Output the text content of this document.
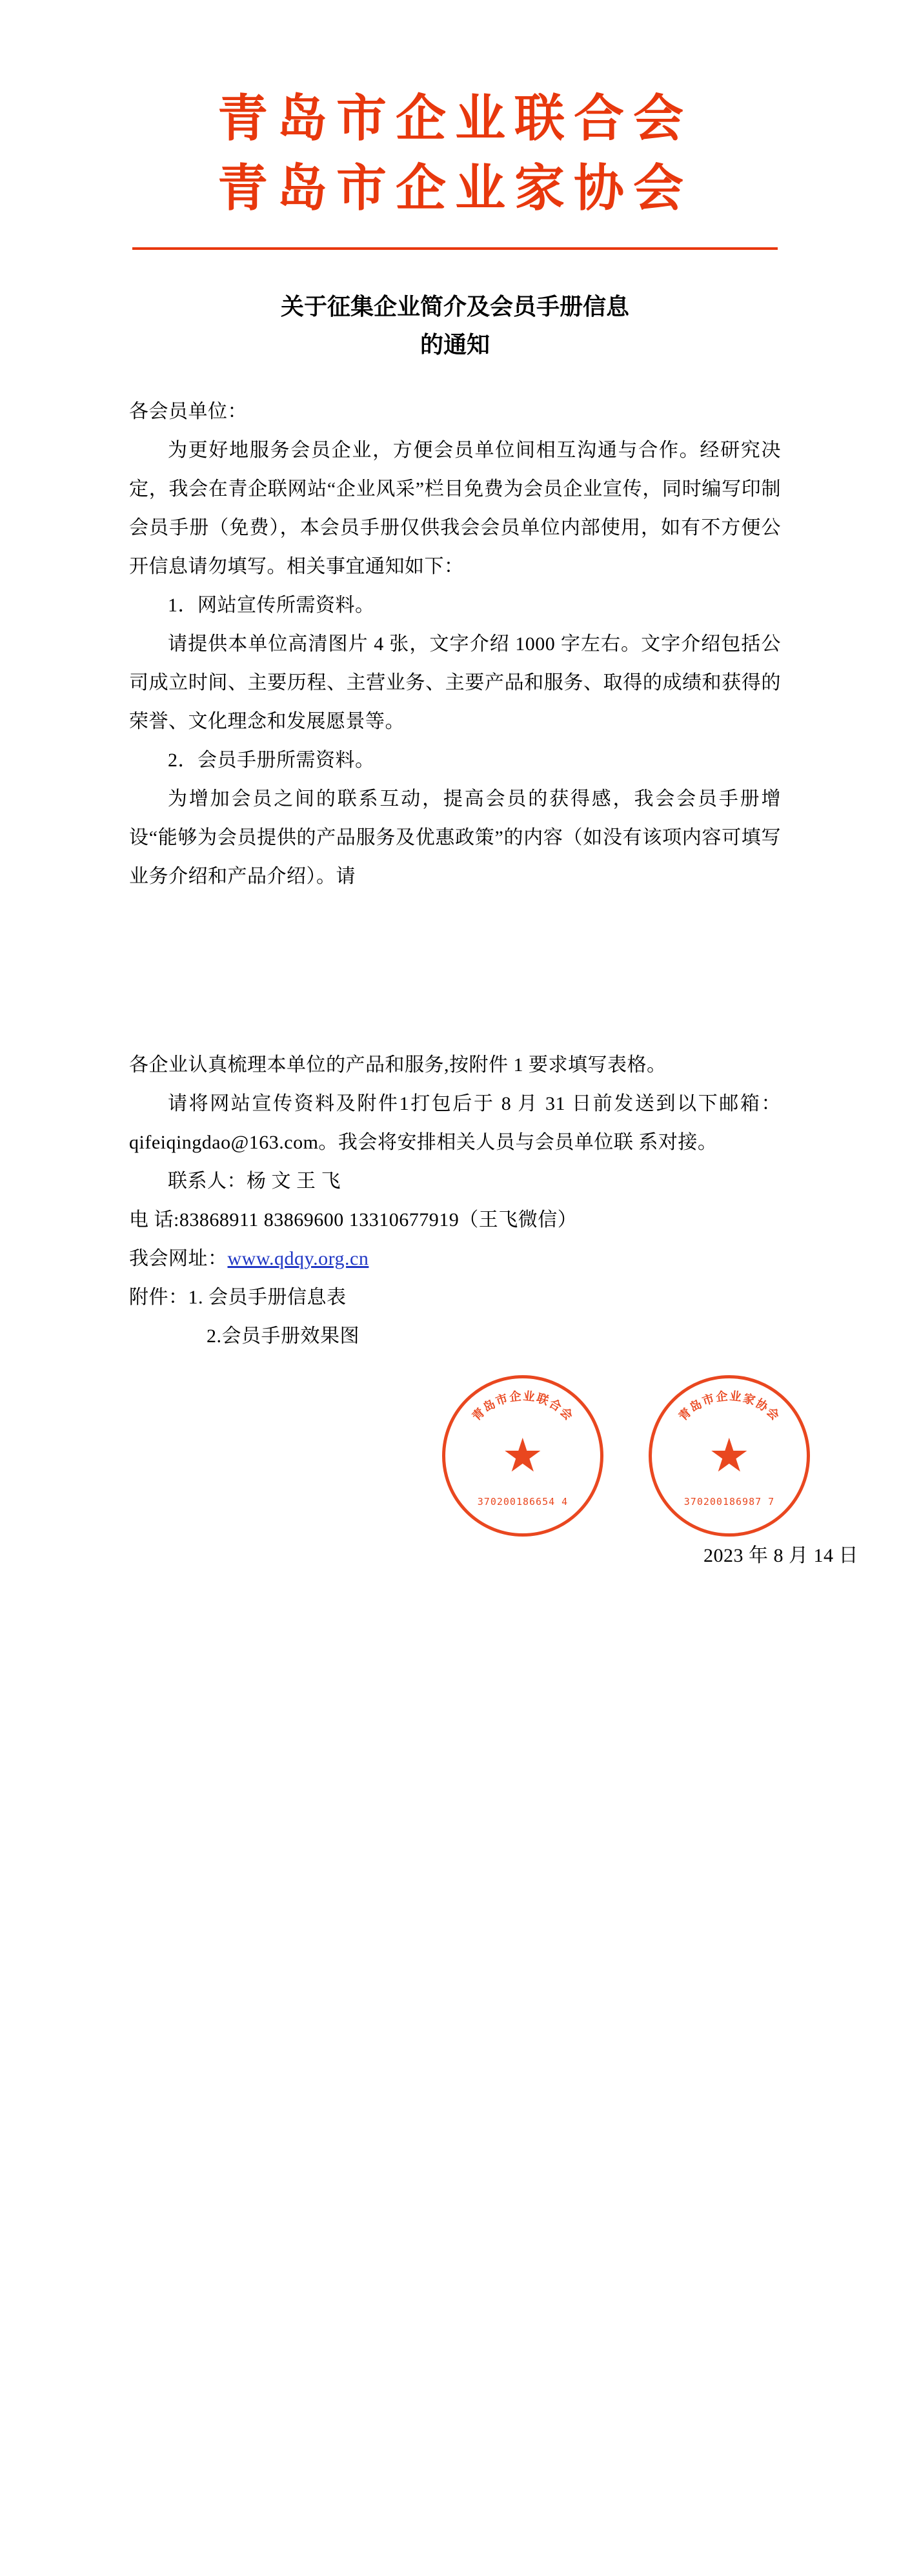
青岛市企业联合会
青岛市企业家协会
关于征集企业简介及会员手册信息
的通知

各会员单位：

为更好地服务会员企业，方便会员单位间相互沟通与合作。经研究决定，我会在青企联网站“企业风采”栏目免费为会员企业宣传，同时编写印制会员手册（免费），本会员手册仅供我会会员单位内部使用，如有不方便公开信息请勿填写。相关事宜通知如下：

1．网站宣传所需资料。

请提供本单位高清图片 4 张，文字介绍 1000 字左右。文字介绍包括公司成立时间、主要历程、主营业务、主要产品和服务、取得的成绩和获得的荣誉、文化理念和发展愿景等。

2．会员手册所需资料。

为增加会员之间的联系互动，提高会员的获得感，我会会员手册增设“能够为会员提供的产品服务及优惠政策”的内容（如没有该项内容可填写业务介绍和产品介绍）。请

各企业认真梳理本单位的产品和服务,按附件 1 要求填写表格。

请将网站宣传资料及附件1打包后于 8 月 31 日前发送到以下邮箱： qifeiqingdao@163.com。我会将安排相关人员与会员单位联 系对接。

联系人：杨 文 王 飞

电 话:83868911 83869600 13310677919（王飞微信）

我会网址：www.qdqy.org.cn

附件：1. 会员手册信息表

2.会员手册效果图

青岛市企业联合会
★
370200186654 4
青岛市企业家协会
★
370200186987 7
2023 年 8 月 14 日
